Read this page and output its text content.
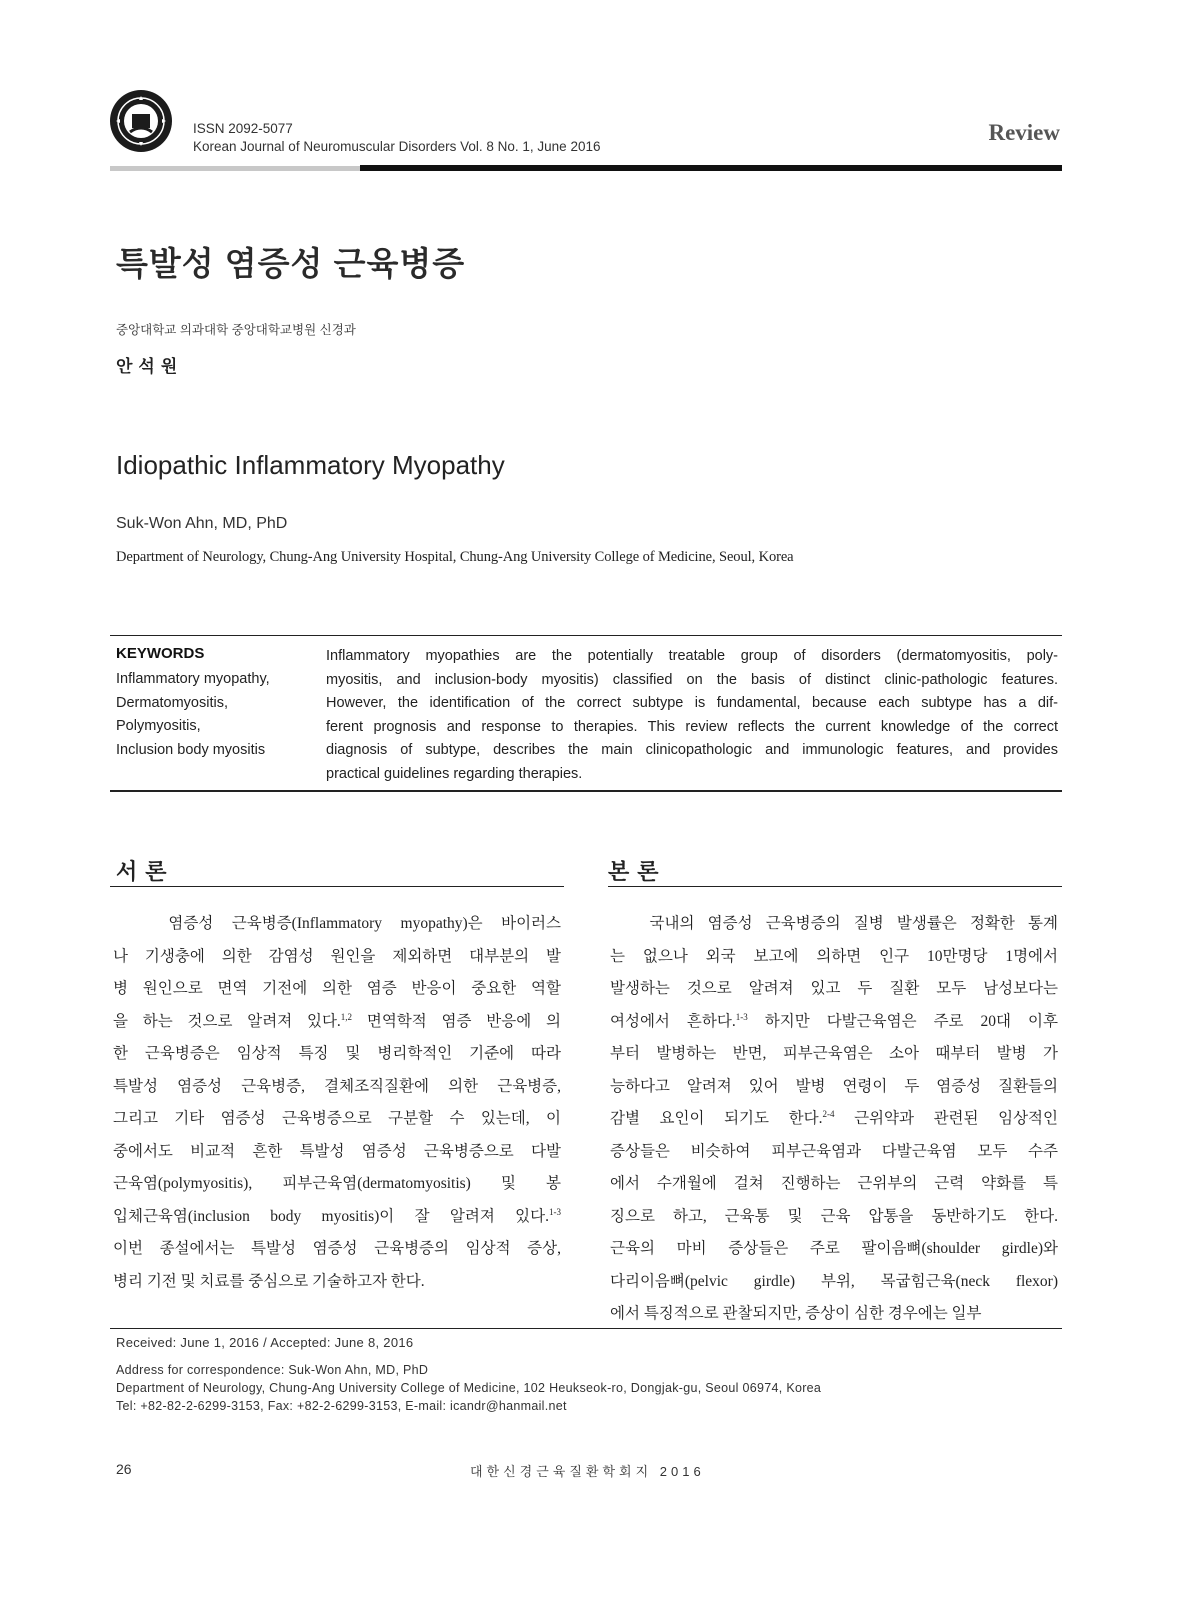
ISSN 2092-5077
Korean Journal of Neuromuscular Disorders Vol. 8 No. 1, June 2016
Review
특발성 염증성 근육병증
중앙대학교 의과대학 중앙대학교병원 신경과
안석원
Idiopathic Inflammatory Myopathy
Suk-Won Ahn, MD, PhD
Department of Neurology, Chung-Ang University Hospital, Chung-Ang University College of Medicine, Seoul, Korea
KEYWORDS
Inflammatory myopathy,
Dermatomyositis,
Polymyositis,
Inclusion body myositis
Inflammatory myopathies are the potentially treatable group of disorders (dermatomyositis, poly-
myositis, and inclusion-body myositis) classified on the basis of distinct clinic-pathologic features.
However, the identification of the correct subtype is fundamental, because each subtype has a dif-
ferent prognosis and response to therapies. This review reflects the current knowledge of the correct
diagnosis of subtype, describes the main clinicopathologic and immunologic features, and provides
practical guidelines regarding therapies.
서론	본론
염증성 근육병증(Inflammatory myopathy)은 바이러스
나 기생충에 의한 감염성 원인을 제외하면 대부분의 발
병 원인으로 면역 기전에 의한 염증 반응이 중요한 역할
을 하는 것으로 알려져 있다.$^{1,2}$ 면역학적 염증 반응에 의
한 근육병증은 임상적 특징 및 병리학적인 기준에 따라
특발성 염증성 근육병증, 결체조직질환에 의한 근육병증,
그리고 기타 염증성 근육병증으로 구분할 수 있는데, 이
중에서도 비교적 흔한 특발성 염증성 근육병증으로 다발
근육염(polymyositis), 피부근육염(dermatomyositis) 및 봉
입체근육염(inclusion body myositis)이 잘 알려져 있다.$^{1-3}$
이번 종설에서는 특발성 염증성 근육병증의 임상적 증상,
병리 기전 및 치료를 중심으로 기술하고자 한다.
국내의 염증성 근육병증의 질병 발생률은 정확한 통계
는 없으나 외국 보고에 의하면 인구 10만명당 1명에서
발생하는 것으로 알려져 있고 두 질환 모두 남성보다는
여성에서 흔하다.$^{1-3}$ 하지만 다발근육염은 주로 20대 이후
부터 발병하는 반면, 피부근육염은 소아 때부터 발병 가
능하다고 알려져 있어 발병 연령이 두 염증성 질환들의
감별 요인이 되기도 한다.$^{2-4}$ 근위약과 관련된 임상적인
증상들은 비슷하여 피부근육염과 다발근육염 모두 수주
에서 수개월에 걸쳐 진행하는 근위부의 근력 약화를 특
징으로 하고, 근육통 및 근육 압통을 동반하기도 한다.
근육의 마비 증상들은 주로 팔이음뼈(shoulder girdle)와
다리이음뼈(pelvic girdle) 부위, 목굽힘근육(neck flexor)
에서 특징적으로 관찰되지만, 증상이 심한 경우에는 일부
Received: June 1, 2016 / Accepted: June 8, 2016
Address for correspondence: Suk-Won Ahn, MD, PhD
Department of Neurology, Chung-Ang University College of Medicine, 102 Heukseok-ro, Dongjak-gu, Seoul 06974, Korea
Tel: +82-82-2-6299-3153, Fax: +82-2-6299-3153, E-mail: icandr@hanmail.net
26	대한신경근육질환학회지 2016
